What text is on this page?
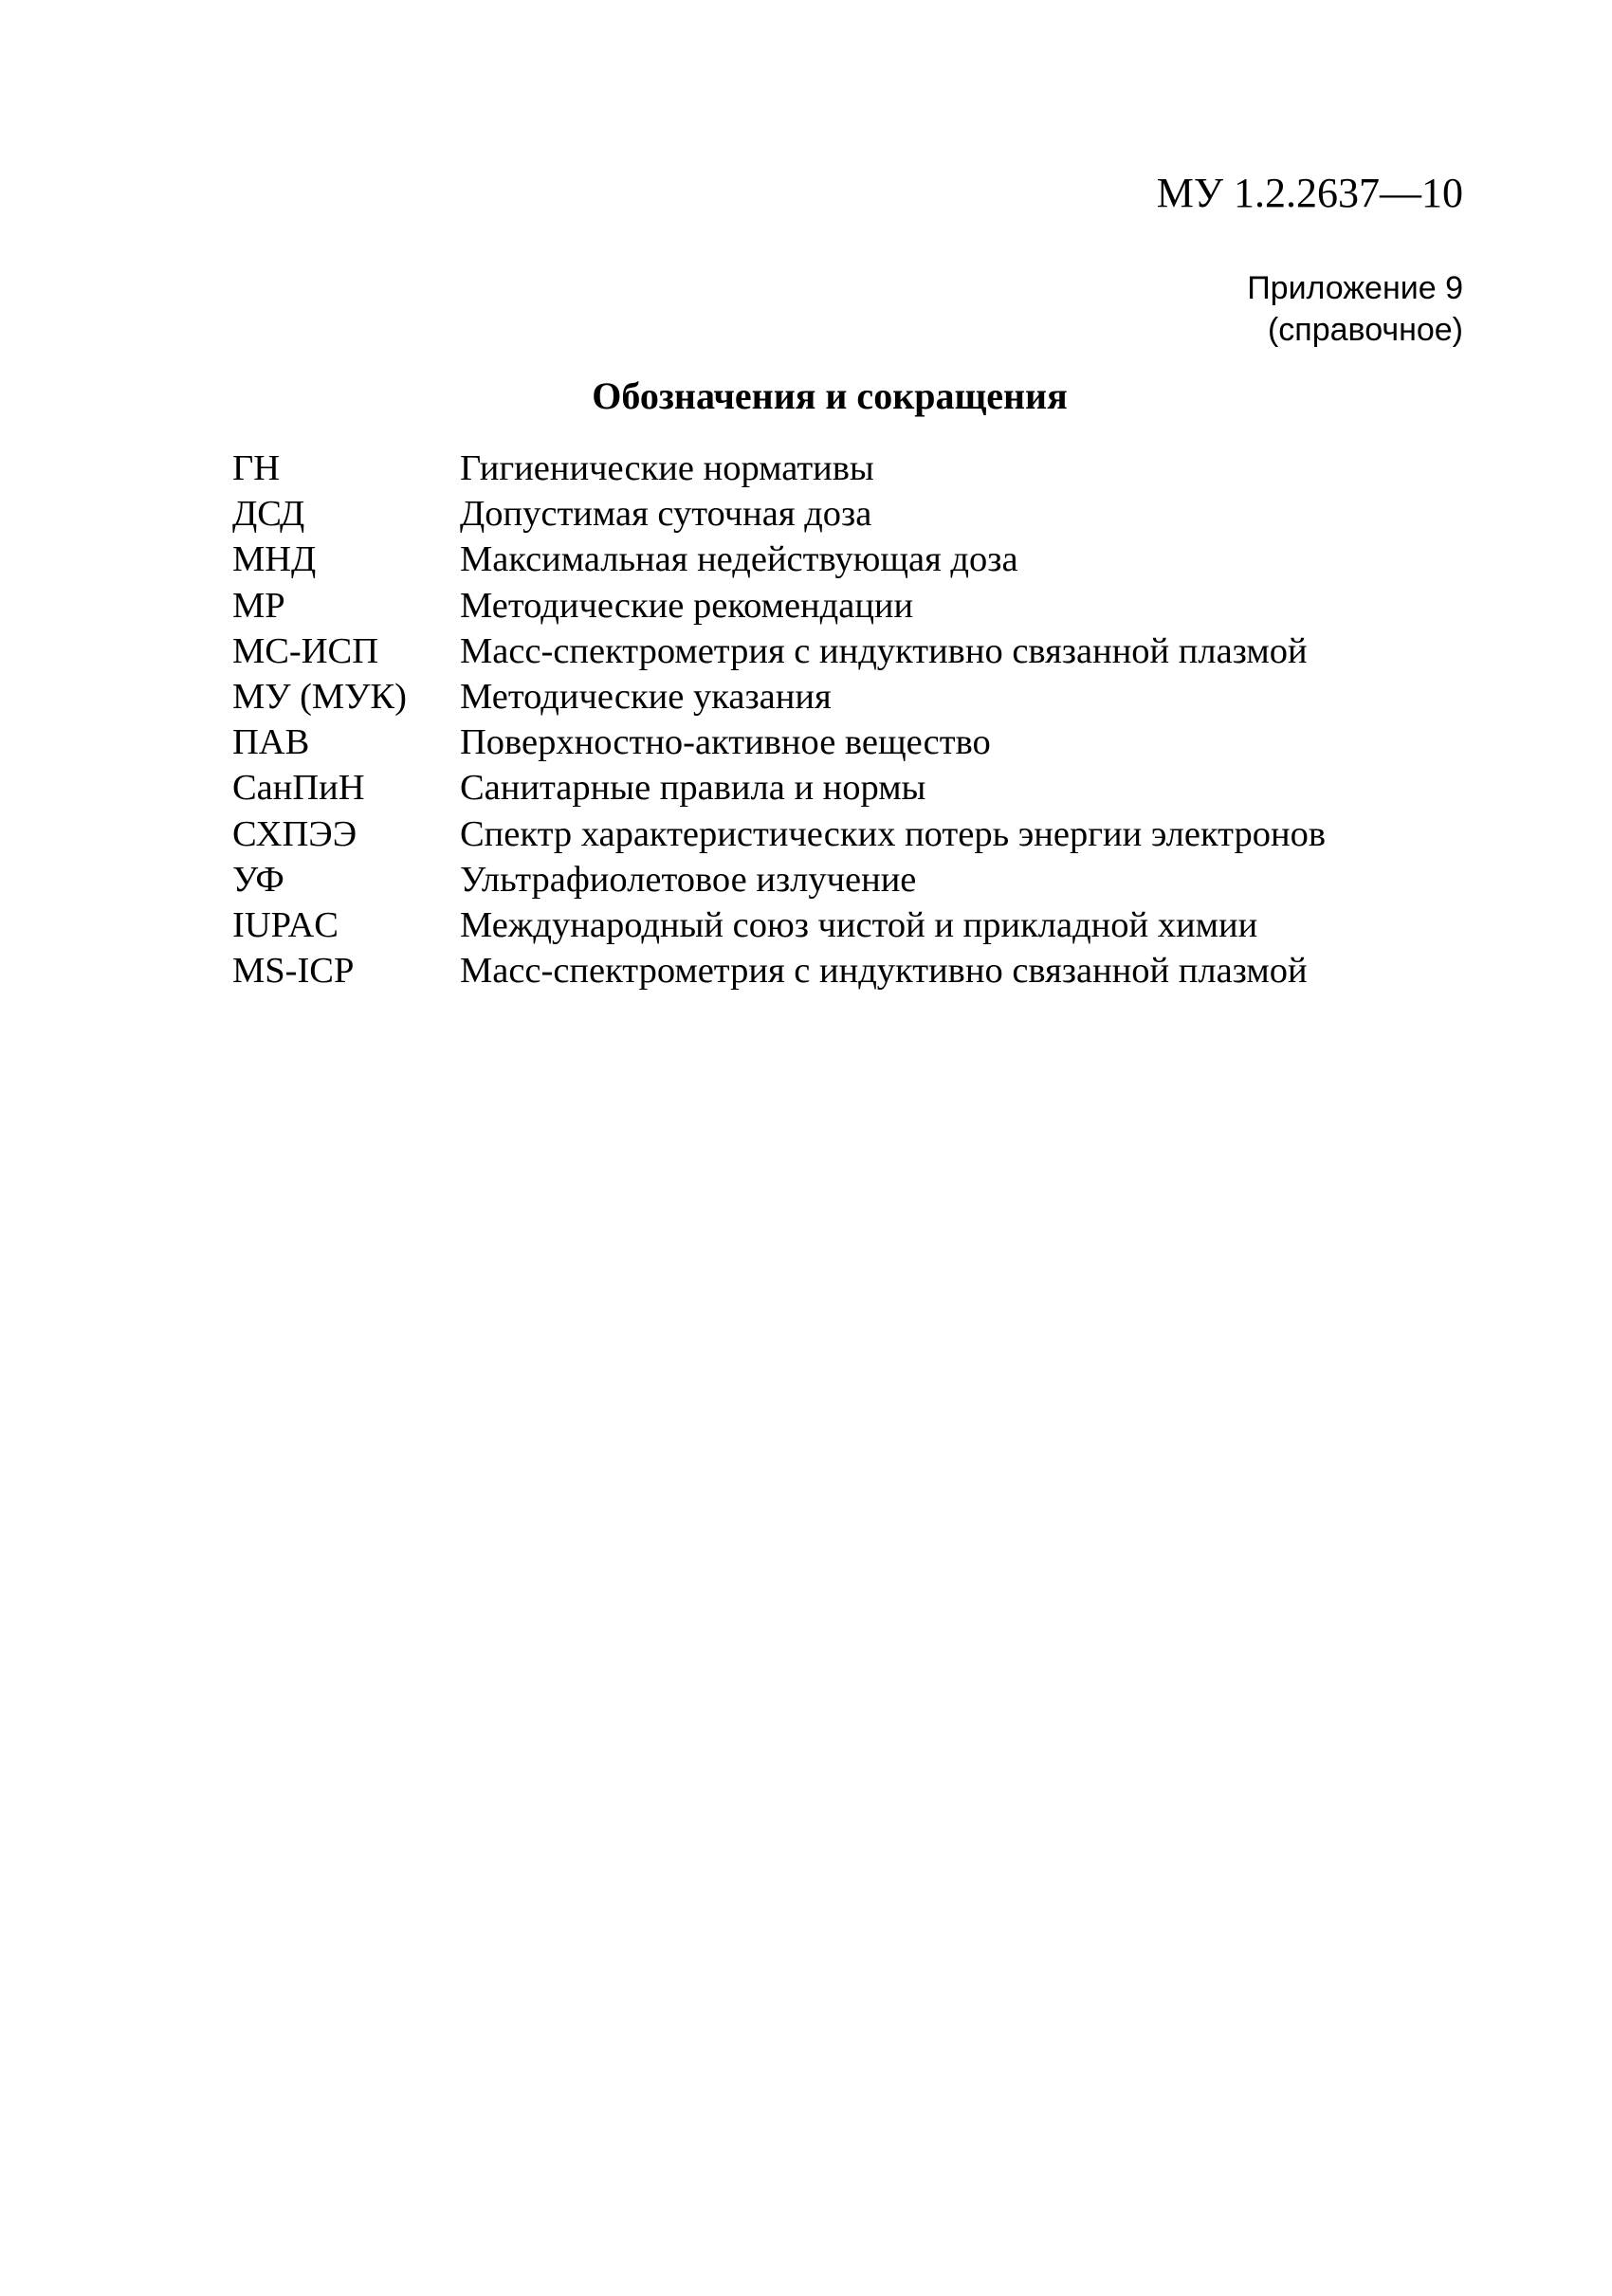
МУ 1.2.2637—10
Приложение 9
(справочное)
Обозначения и сокращения
ГН	Гигиенические нормативы
ДСД	Допустимая суточная доза
МНД	Максимальная недействующая доза
МР	Методические рекомендации
МС-ИСП	Масс-спектрометрия с индуктивно связанной плазмой
МУ (МУК)	Методические указания
ПАВ	Поверхностно-активное вещество
СанПиН	Санитарные правила и нормы
СХПЭЭ	Спектр характеристических потерь энергии электронов
УФ	Ультрафиолетовое излучение
IUPAC	Международный союз чистой и прикладной химии
MS-ICP	Масс-спектрометрия с индуктивно связанной плазмой
